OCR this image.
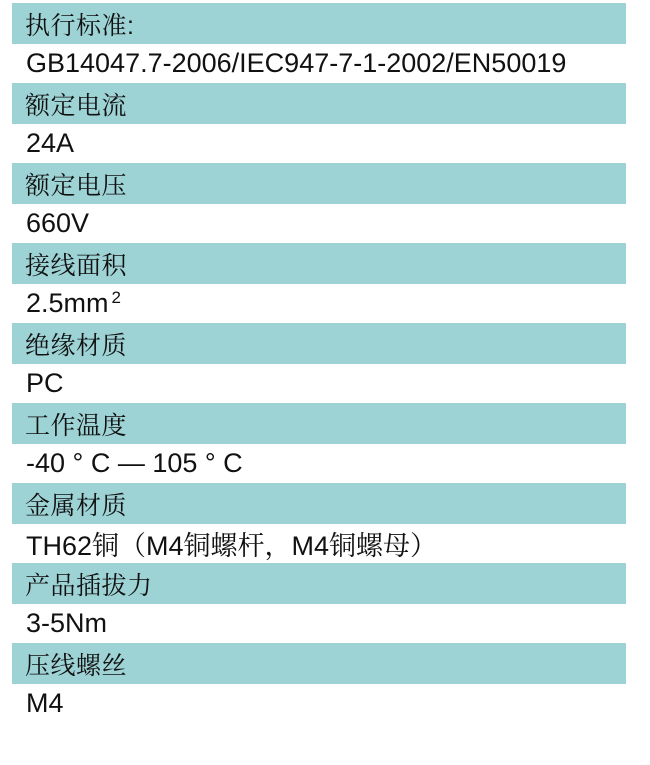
执行标准:
GB14047.7-2006/IEC947-7-1-2002/EN50019
额定电流
24A
额定电压
660V
接线面积
$2.5mm^2$
绝缘材质
PC
工作温度
-40 ° C — 105 ° C
金属材质
TH62铜（M4铜螺杆，M4铜螺母）
产品插拔力
3-5Nm
压线螺丝
M4
